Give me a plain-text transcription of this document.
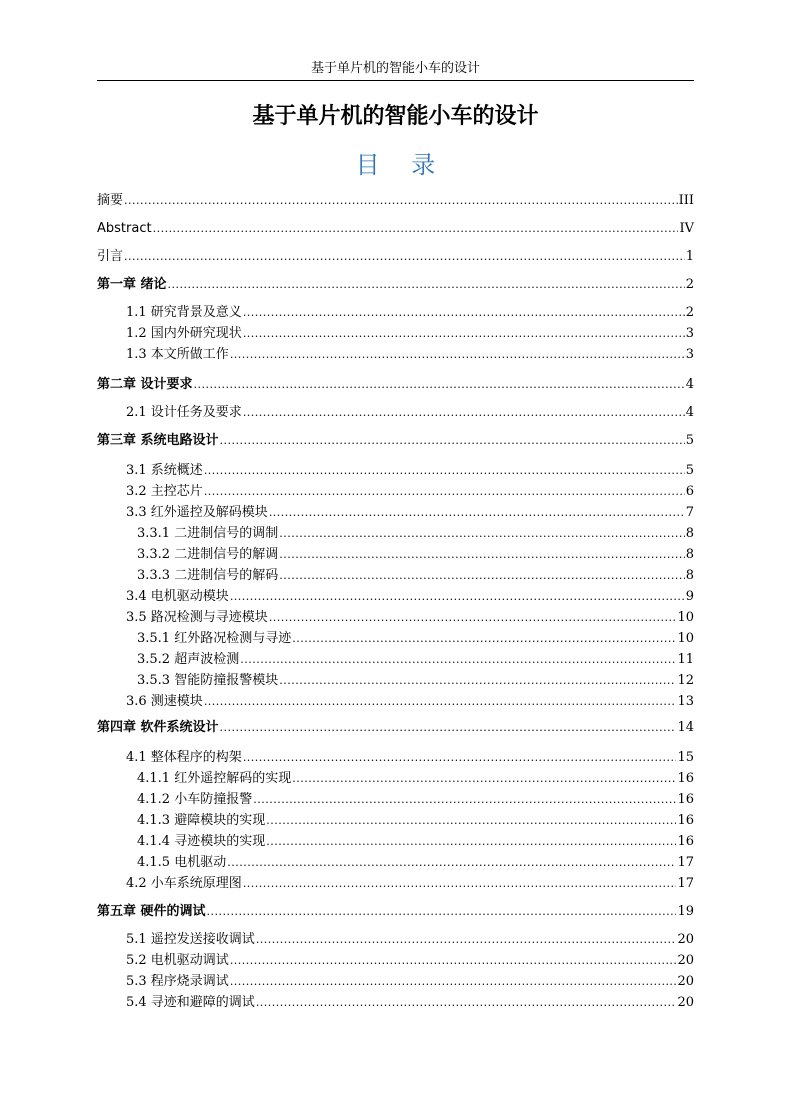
基于单片机的智能小车的设计
基于单片机的智能小车的设计
目 录
摘要 .....	III
Abstract .....	IV
引言 .....	1
第一章 绪论 .....	2
1.1 研究背景及意义 .....	2
1.2 国内外研究现状 .....	3
1.3 本文所做工作 .....	3
第二章 设计要求 .....	4
2.1 设计任务及要求 .....	4
第三章 系统电路设计 .....	5
3.1 系统概述 .....	5
3.2 主控芯片 .....	6
3.3 红外遥控及解码模块 .....	7
3.3.1 二进制信号的调制 .....	8
3.3.2 二进制信号的解调 .....	8
3.3.3 二进制信号的解码 .....	8
3.4 电机驱动模块 .....	9
3.5 路况检测与寻迹模块 .....	10
3.5.1 红外路况检测与寻迹 .....	10
3.5.2 超声波检测 .....	11
3.5.3 智能防撞报警模块 .....	12
3.6 测速模块 .....	13
第四章 软件系统设计 .....	14
4.1 整体程序的构架 .....	15
4.1.1 红外遥控解码的实现 .....	16
4.1.2 小车防撞报警 .....	16
4.1.3 避障模块的实现 .....	16
4.1.4 寻迹模块的实现 .....	16
4.1.5 电机驱动 .....	17
4.2 小车系统原理图 .....	17
第五章 硬件的调试 .....	19
5.1 遥控发送接收调试 .....	20
5.2 电机驱动调试 .....	20
5.3 程序烧录调试 .....	20
5.4 寻迹和避障的调试 .....	20
